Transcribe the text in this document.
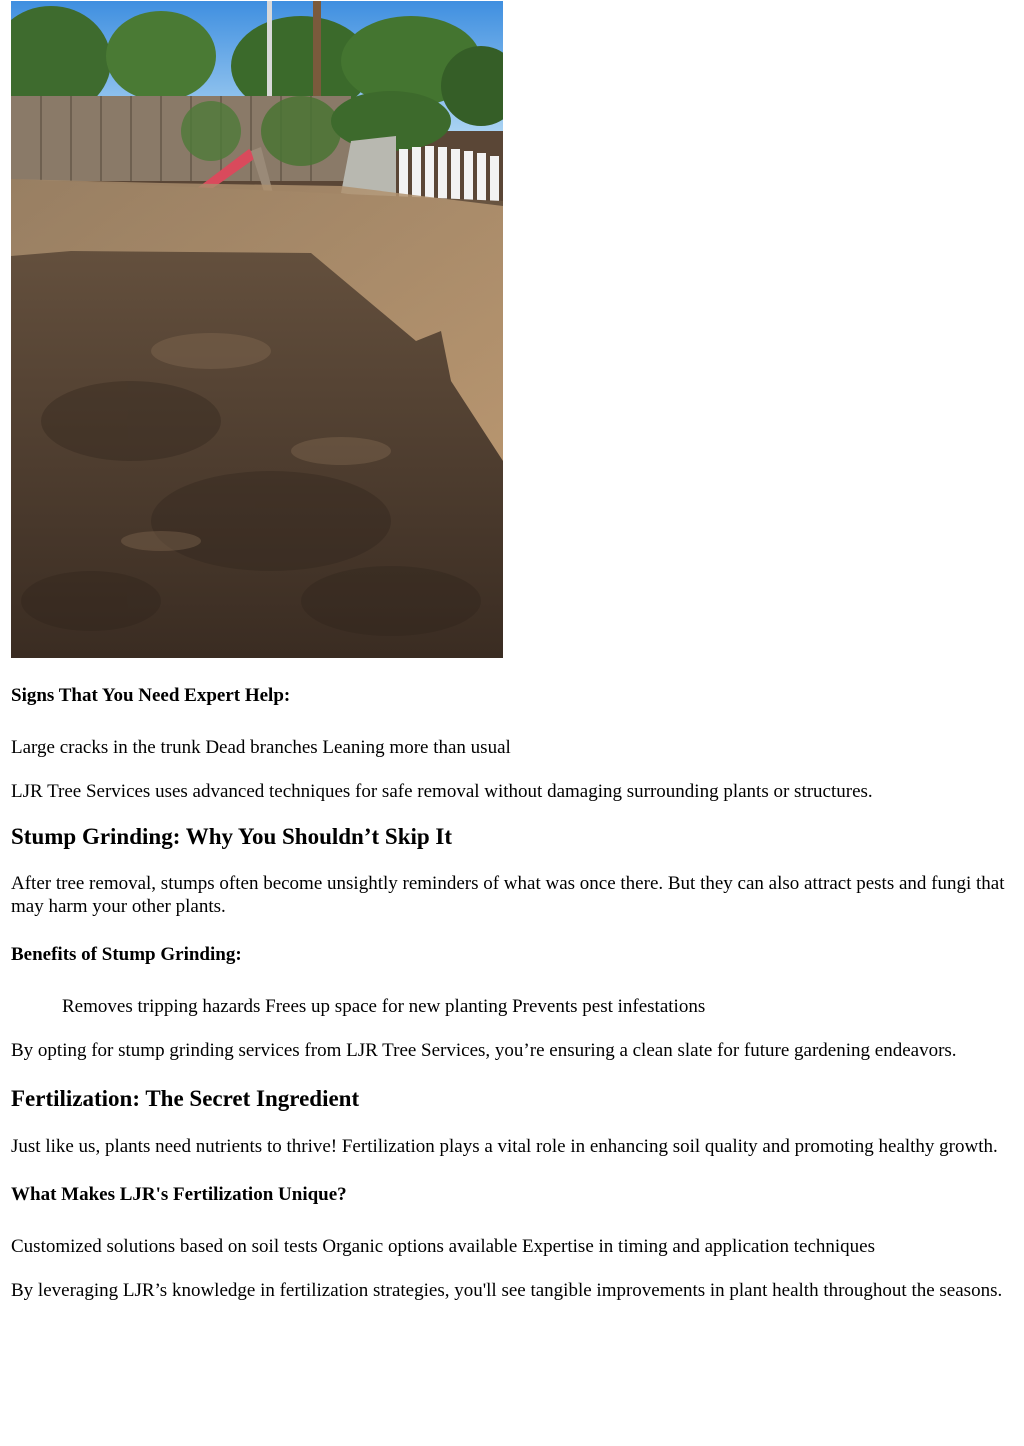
Signs That You Need Expert Help:

Large cracks in the trunk Dead branches Leaning more than usual

LJR Tree Services uses advanced techniques for safe removal without damaging surrounding plants or structures.

Stump Grinding: Why You Shouldn’t Skip It

After tree removal, stumps often become unsightly reminders of what was once there. But they can also attract pests and fungi that may harm your other plants.

Benefits of Stump Grinding:

Removes tripping hazards Frees up space for new planting Prevents pest infestations

By opting for stump grinding services from LJR Tree Services, you’re ensuring a clean slate for future gardening endeavors.

Fertilization: The Secret Ingredient

Just like us, plants need nutrients to thrive! Fertilization plays a vital role in enhancing soil quality and promoting healthy growth.

What Makes LJR's Fertilization Unique?

Customized solutions based on soil tests Organic options available Expertise in timing and application techniques

By leveraging LJR’s knowledge in fertilization strategies, you'll see tangible improvements in plant health throughout the seasons.
